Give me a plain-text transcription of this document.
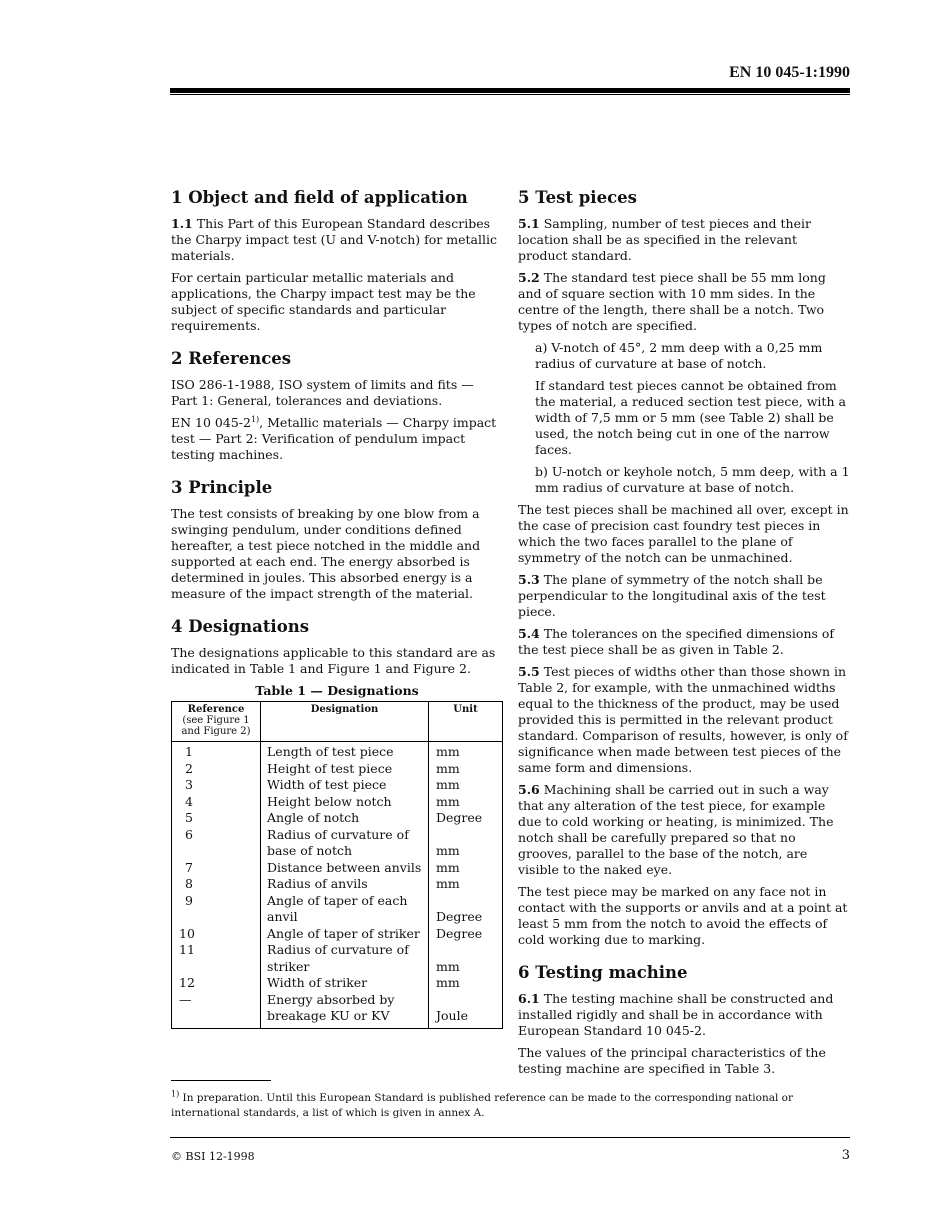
EN 10 045-1:1990
1 Object and field of application

1.1 This Part of this European Standard describes the Charpy impact test (U and V-notch) for metallic materials.

For certain particular metallic materials and applications, the Charpy impact test may be the subject of specific standards and particular requirements.

2 References

ISO 286-1-1988, ISO system of limits and fits — Part 1: General, tolerances and deviations.

EN 10 045-2$^{1)}$, Metallic materials — Charpy impact test — Part 2: Verification of pendulum impact testing machines.

3 Principle

The test consists of breaking by one blow from a swinging pendulum, under conditions defined hereafter, a test piece notched in the middle and supported at each end. The energy absorbed is determined in joules. This absorbed energy is a measure of the impact strength of the material.

4 Designations

The designations applicable to this standard are as indicated in Table 1 and Figure 1 and Figure 2.

Table 1 — Designations
Reference
(see Figure 1 and Figure 2)	Designation	Unit
1	Length of test piece	mm
2	Height of test piece	mm
3	Width of test piece	mm
4	Height below notch	mm
5	Angle of notch	Degree
6	Radius of curvature of base of notch	mm
7	Distance between anvils	mm
8	Radius of anvils	mm
9	Angle of taper of each anvil	Degree
10	Angle of taper of striker	Degree
11	Radius of curvature of striker	mm
12	Width of striker	mm
—	Energy absorbed by breakage KU or KV	Joule
5 Test pieces

5.1 Sampling, number of test pieces and their location shall be as specified in the relevant product standard.

5.2 The standard test piece shall be 55 mm long and of square section with 10 mm sides. In the centre of the length, there shall be a notch. Two types of notch are specified.

a) V-notch of 45°, 2 mm deep with a 0,25 mm radius of curvature at base of notch.

If standard test pieces cannot be obtained from the material, a reduced section test piece, with a width of 7,5 mm or 5 mm (see Table 2) shall be used, the notch being cut in one of the narrow faces.

b) U-notch or keyhole notch, 5 mm deep, with a 1 mm radius of curvature at base of notch.

The test pieces shall be machined all over, except in the case of precision cast foundry test pieces in which the two faces parallel to the plane of symmetry of the notch can be unmachined.

5.3 The plane of symmetry of the notch shall be perpendicular to the longitudinal axis of the test piece.

5.4 The tolerances on the specified dimensions of the test piece shall be as given in Table 2.

5.5 Test pieces of widths other than those shown in Table 2, for example, with the unmachined widths equal to the thickness of the product, may be used provided this is permitted in the relevant product standard. Comparison of results, however, is only of significance when made between test pieces of the same form and dimensions.

5.6 Machining shall be carried out in such a way that any alteration of the test piece, for example due to cold working or heating, is minimized. The notch shall be carefully prepared so that no grooves, parallel to the base of the notch, are visible to the naked eye.

The test piece may be marked on any face not in contact with the supports or anvils and at a point at least 5 mm from the notch to avoid the effects of cold working due to marking.

6 Testing machine

6.1 The testing machine shall be constructed and installed rigidly and shall be in accordance with European Standard 10 045-2.

The values of the principal characteristics of the testing machine are specified in Table 3.

$^{1)}$ In preparation. Until this European Standard is published reference can be made to the corresponding national or international standards, a list of which is given in annex A.
© BSI 12-1998	3
